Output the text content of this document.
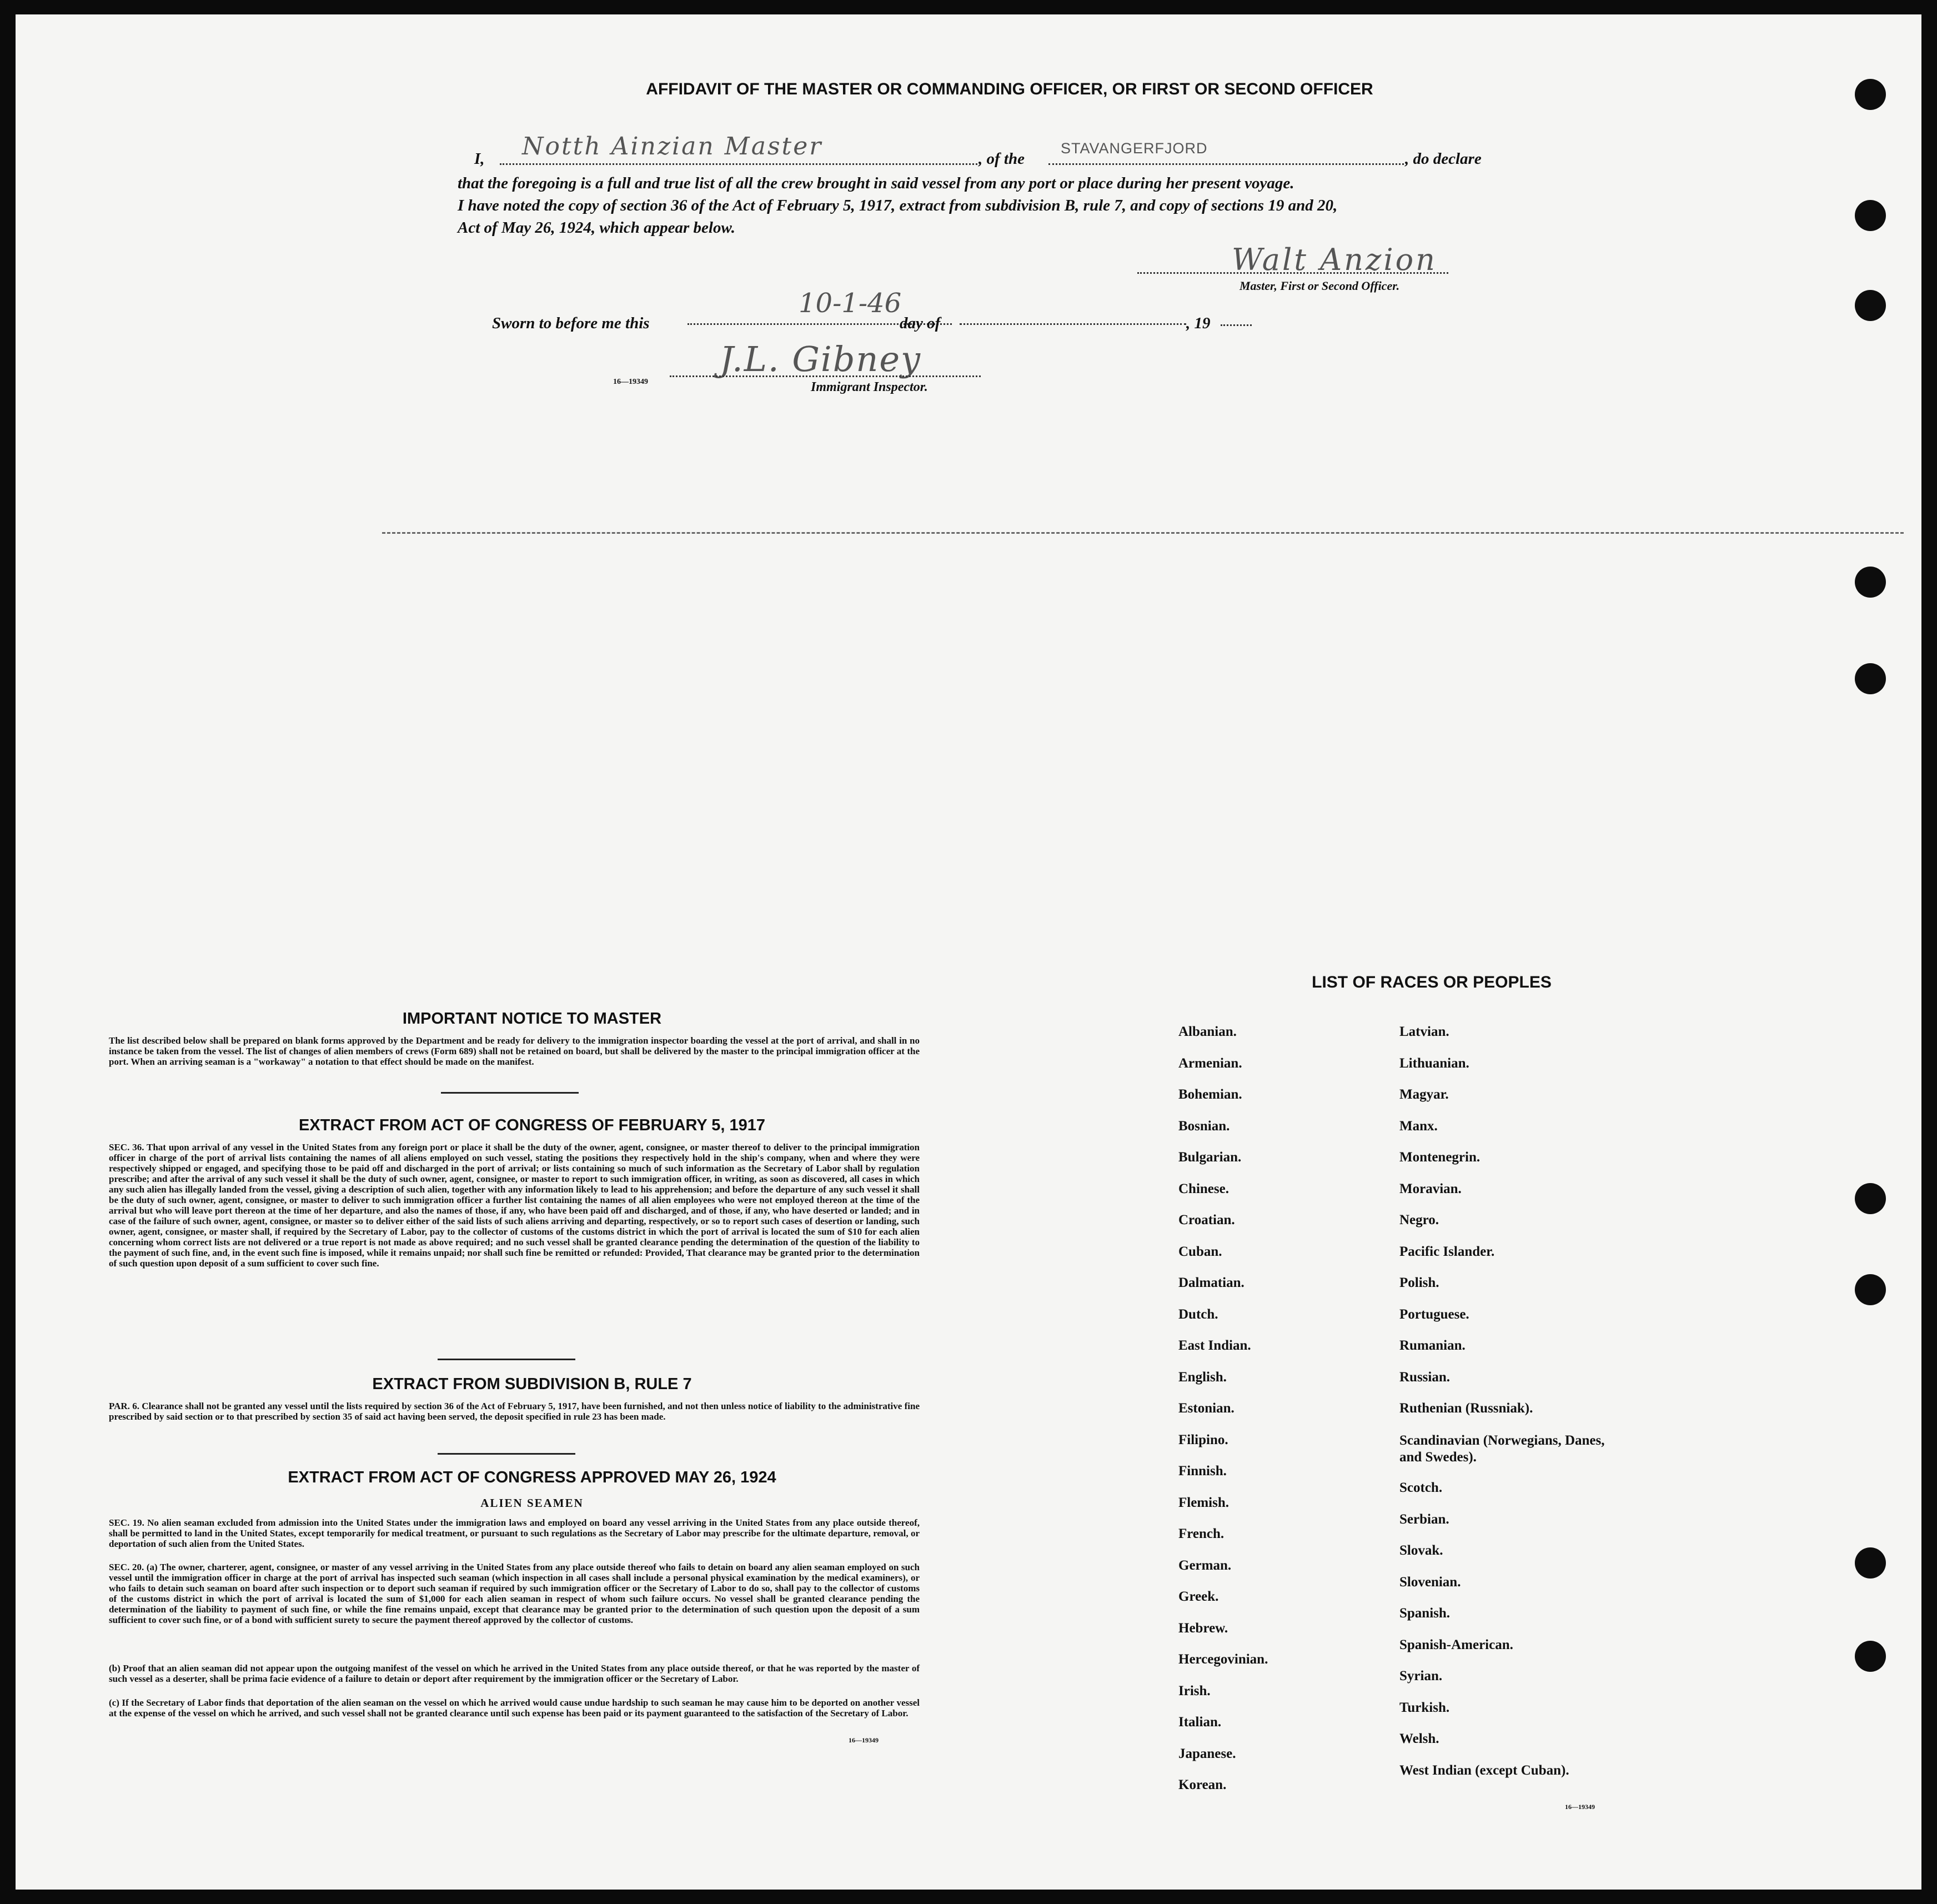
AFFIDAVIT OF THE MASTER OR COMMANDING OFFICER, OR FIRST OR SECOND OFFICER
I, Notth Ainzian Master	, of the
STAVANGERFJORD
, do declare
that the foregoing is a full and true list of all the crew brought in said vessel from any port or place during her present voyage.
I have noted the copy of section 36 of the Act of February 5, 1917, extract from subdivision B, rule 7, and copy of sections 19 and 20,
Act of May 26, 1924, which appear below.
Walt Anzion
Master, First or Second Officer.
Sworn to before me this
10-1-46
day of	, 19
J.L. Gibney
16—19349	Immigrant Inspector.
IMPORTANT NOTICE TO MASTER
The list described below shall be prepared on blank forms approved by the Department and be ready for delivery to the immigration inspector boarding the vessel at the port of arrival, and shall in no instance be taken from the vessel. The list of changes of alien members of crews (Form 689) shall not be retained on board, but shall be delivered by the master to the principal immigration officer at the port. When an arriving seaman is a "workaway" a notation to that effect should be made on the manifest.
EXTRACT FROM ACT OF CONGRESS OF FEBRUARY 5, 1917
SEC. 36. That upon arrival of any vessel in the United States from any foreign port or place it shall be the duty of the owner, agent, consignee, or master thereof to deliver to the principal immigration officer in charge of the port of arrival lists containing the names of all aliens employed on such vessel, stating the positions they respectively hold in the ship's company, when and where they were respectively shipped or engaged, and specifying those to be paid off and discharged in the port of arrival; or lists containing so much of such information as the Secretary of Labor shall by regulation prescribe; and after the arrival of any such vessel it shall be the duty of such owner, agent, consignee, or master to report to such immigration officer, in writing, as soon as discovered, all cases in which any such alien has illegally landed from the vessel, giving a description of such alien, together with any information likely to lead to his apprehension; and before the departure of any such vessel it shall be the duty of such owner, agent, consignee, or master to deliver to such immigration officer a further list containing the names of all alien employees who were not employed thereon at the time of the arrival but who will leave port thereon at the time of her departure, and also the names of those, if any, who have been paid off and discharged, and of those, if any, who have deserted or landed; and in case of the failure of such owner, agent, consignee, or master so to deliver either of the said lists of such aliens arriving and departing, respectively, or so to report such cases of desertion or landing, such owner, agent, consignee, or master shall, if required by the Secretary of Labor, pay to the collector of customs of the customs district in which the port of arrival is located the sum of $10 for each alien concerning whom correct lists are not delivered or a true report is not made as above required; and no such vessel shall be granted clearance pending the determination of the question of the liability to the payment of such fine, and, in the event such fine is imposed, while it remains unpaid; nor shall such fine be remitted or refunded: Provided, That clearance may be granted prior to the determination of such question upon deposit of a sum sufficient to cover such fine.
EXTRACT FROM SUBDIVISION B, RULE 7
PAR. 6. Clearance shall not be granted any vessel until the lists required by section 36 of the Act of February 5, 1917, have been furnished, and not then unless notice of liability to the administrative fine prescribed by said section or to that prescribed by section 35 of said act having been served, the deposit specified in rule 23 has been made.
EXTRACT FROM ACT OF CONGRESS APPROVED MAY 26, 1924
ALIEN SEAMEN
SEC. 19. No alien seaman excluded from admission into the United States under the immigration laws and employed on board any vessel arriving in the United States from any place outside thereof, shall be permitted to land in the United States, except temporarily for medical treatment, or pursuant to such regulations as the Secretary of Labor may prescribe for the ultimate departure, removal, or deportation of such alien from the United States.
SEC. 20. (a) The owner, charterer, agent, consignee, or master of any vessel arriving in the United States from any place outside thereof who fails to detain on board any alien seaman employed on such vessel until the immigration officer in charge at the port of arrival has inspected such seaman (which inspection in all cases shall include a personal physical examination by the medical examiners), or who fails to detain such seaman on board after such inspection or to deport such seaman if required by such immigration officer or the Secretary of Labor to do so, shall pay to the collector of customs of the customs district in which the port of arrival is located the sum of $1,000 for each alien seaman in respect of whom such failure occurs. No vessel shall be granted clearance pending the determination of the liability to payment of such fine, or while the fine remains unpaid, except that clearance may be granted prior to the determination of such question upon the deposit of a sum sufficient to cover such fine, or of a bond with sufficient surety to secure the payment thereof approved by the collector of customs.
(b) Proof that an alien seaman did not appear upon the outgoing manifest of the vessel on which he arrived in the United States from any place outside thereof, or that he was reported by the master of such vessel as a deserter, shall be prima facie evidence of a failure to detain or deport after requirement by the immigration officer or the Secretary of Labor.
(c) If the Secretary of Labor finds that deportation of the alien seaman on the vessel on which he arrived would cause undue hardship to such seaman he may cause him to be deported on another vessel at the expense of the vessel on which he arrived, and such vessel shall not be granted clearance until such expense has been paid or its payment guaranteed to the satisfaction of the Secretary of Labor.
16—19349
LIST OF RACES OR PEOPLES
Albanian.
Armenian.
Bohemian.
Bosnian.
Bulgarian.
Chinese.
Croatian.
Cuban.
Dalmatian.
Dutch.
East Indian.
English.
Estonian.
Filipino.
Finnish.
Flemish.
French.
German.
Greek.
Hebrew.
Hercegovinian.
Irish.
Italian.
Japanese.
Korean.
Latvian.
Lithuanian.
Magyar.
Manx.
Montenegrin.
Moravian.
Negro.
Pacific Islander.
Polish.
Portuguese.
Rumanian.
Russian.
Ruthenian (Russniak).
Scandinavian (Norwegians, Danes, and Swedes).
Scotch.
Serbian.
Slovak.
Slovenian.
Spanish.
Spanish-American.
Syrian.
Turkish.
Welsh.
West Indian (except Cuban).
16—19349
